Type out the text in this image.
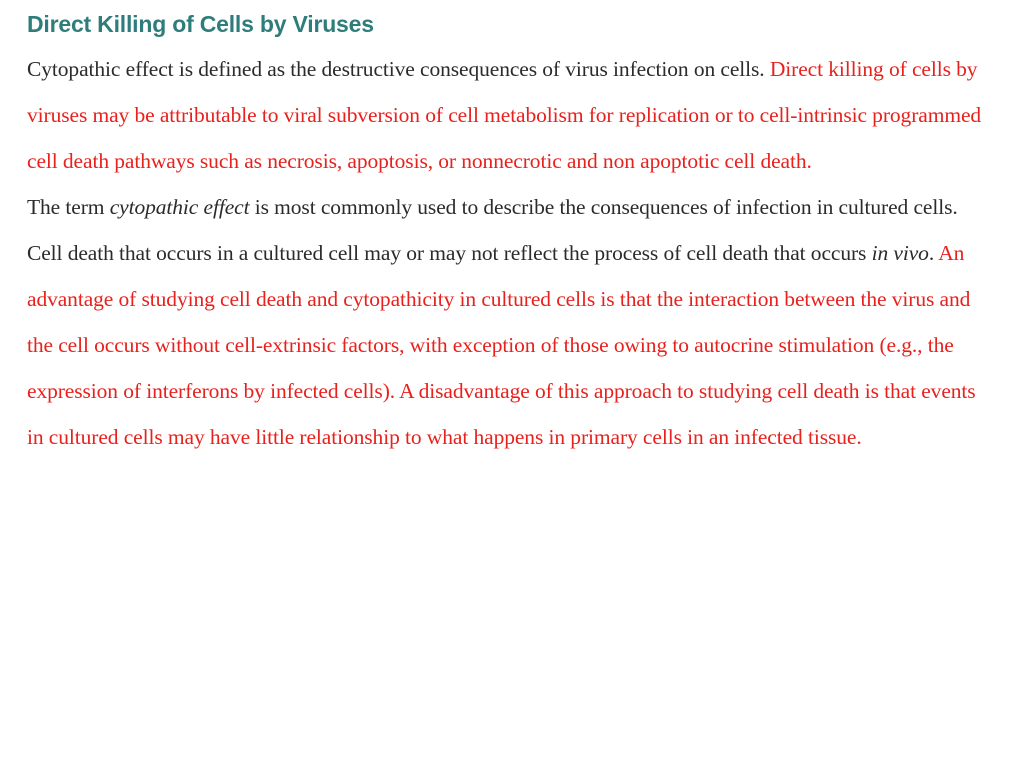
Direct Killing of Cells by Viruses

Cytopathic effect is defined as the destructive consequences of virus infection on cells. Direct killing of cells by viruses may be attributable to viral subversion of cell metabolism for replication or to cell-intrinsic programmed cell death pathways such as necrosis, apoptosis, or nonnecrotic and non apoptotic cell death.

The term cytopathic effect is most commonly used to describe the consequences of infection in cultured cells. Cell death that occurs in a cultured cell may or may not reflect the process of cell death that occurs in vivo. An advantage of studying cell death and cytopathicity in cultured cells is that the interaction between the virus and the cell occurs without cell-extrinsic factors, with exception of those owing to autocrine stimulation (e.g., the expression of interferons by infected cells). A disadvantage of this approach to studying cell death is that events in cultured cells may have little relationship to what happens in primary cells in an infected tissue.
